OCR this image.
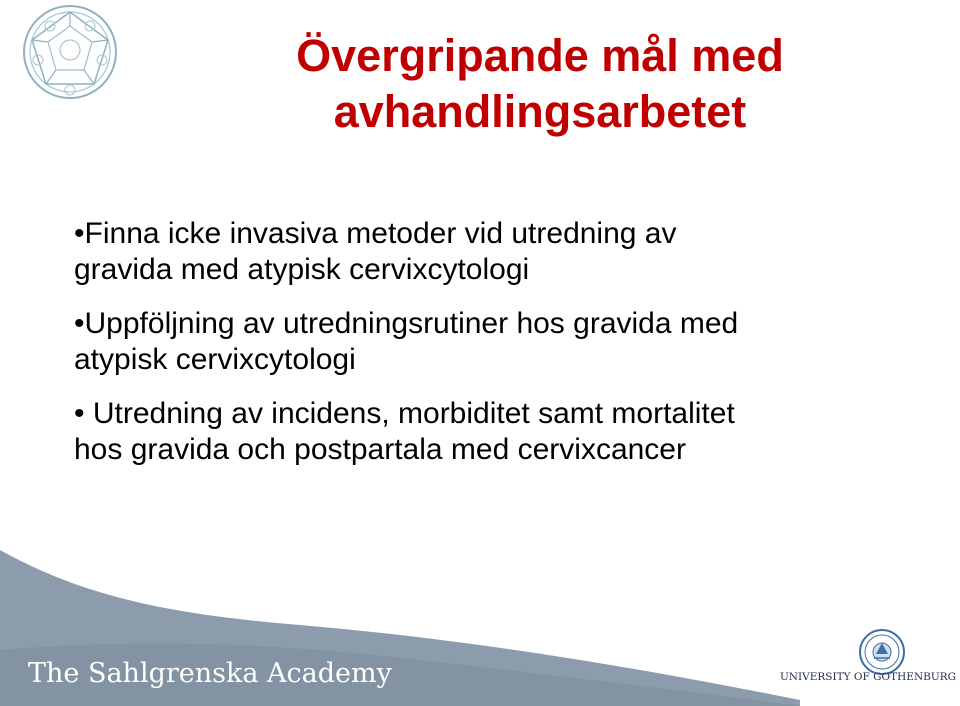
Övergripande mål med
avhandlingsarbetet
•Finna icke invasiva metoder vid utredning av
gravida med atypisk cervixcytologi
•Uppföljning av utredningsrutiner hos gravida med
atypisk cervixcytologi
• Utredning av incidens, morbiditet samt mortalitet
hos gravida och postpartala med cervixcancer
The Sahlgrenska Academy	UNIVERSITY OF GOTHENBURG
